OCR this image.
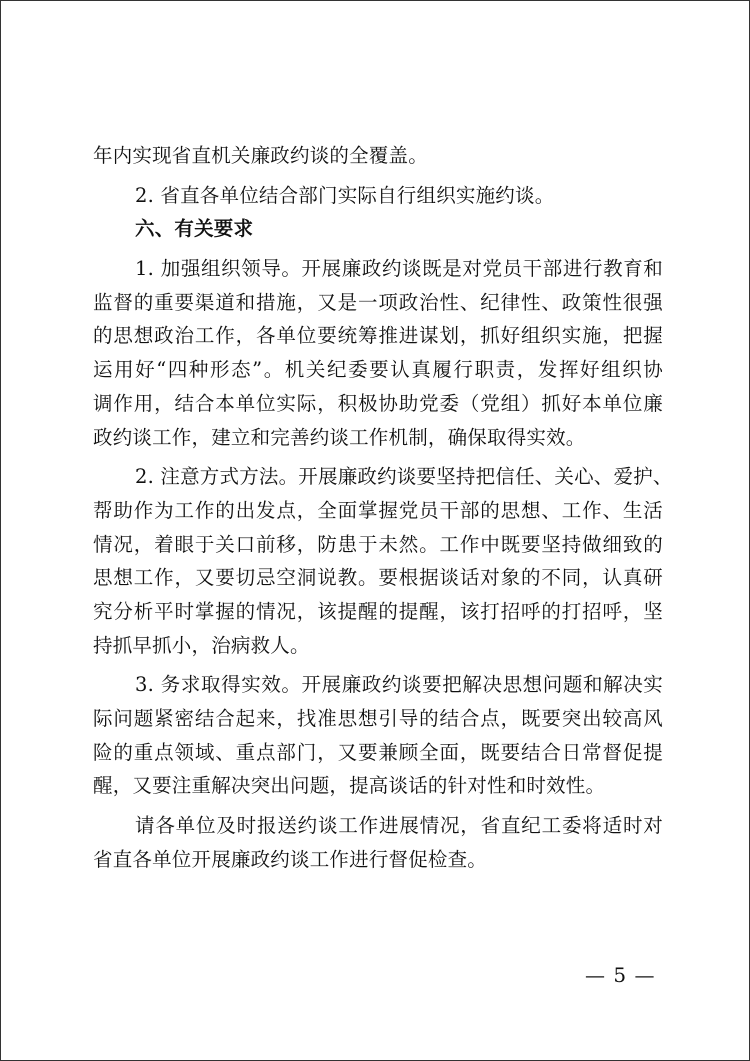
年内实现省直机关廉政约谈的全覆盖。
2. 省直各单位结合部门实际自行组织实施约谈。
六、有关要求
1. 加强组织领导。开展廉政约谈既是对党员干部进行教育和
监督的重要渠道和措施，又是一项政治性、纪律性、政策性很强
的思想政治工作，各单位要统筹推进谋划，抓好组织实施，把握
运用好“四种形态”。机关纪委要认真履行职责，发挥好组织协
调作用，结合本单位实际，积极协助党委（党组）抓好本单位廉
政约谈工作，建立和完善约谈工作机制，确保取得实效。
2. 注意方式方法。开展廉政约谈要坚持把信任、关心、爱护、
帮助作为工作的出发点，全面掌握党员干部的思想、工作、生活
情况，着眼于关口前移，防患于未然。工作中既要坚持做细致的
思想工作，又要切忌空洞说教。要根据谈话对象的不同，认真研
究分析平时掌握的情况，该提醒的提醒，该打招呼的打招呼，坚
持抓早抓小，治病救人。
3. 务求取得实效。开展廉政约谈要把解决思想问题和解决实
际问题紧密结合起来，找准思想引导的结合点，既要突出较高风
险的重点领域、重点部门，又要兼顾全面，既要结合日常督促提
醒，又要注重解决突出问题，提高谈话的针对性和时效性。
请各单位及时报送约谈工作进展情况，省直纪工委将适时对
省直各单位开展廉政约谈工作进行督促检查。
— 5 —
